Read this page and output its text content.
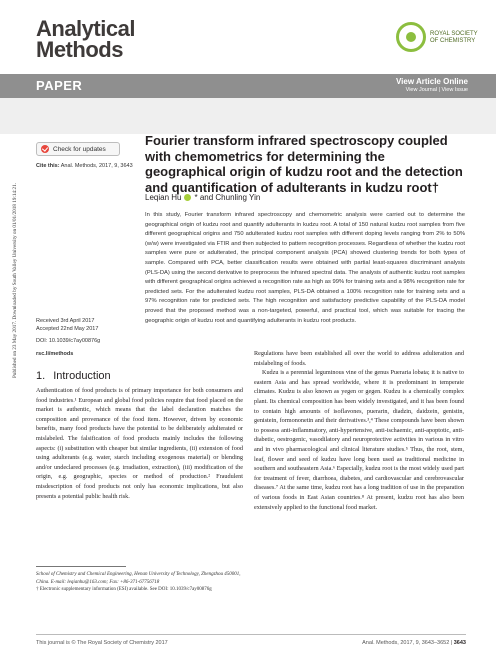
Analytical
Methods
ROYAL SOCIETY OF CHEMISTRY
PAPER	View Article Online
View Journal | View Issue
Check for updates
Cite this: Anal. Methods, 2017, 9, 3643
Fourier transform infrared spectroscopy coupled with chemometrics for determining the geographical origin of kudzu root and the detection and quantification of adulterants in kudzu root†
Leqian Hu * and Chunling Yin
In this study, Fourier transform infrared spectroscopy and chemometric analysis were carried out to determine the geographical origin of kudzu root and quantify adulterants in kudzu root. A total of 150 natural kudzu root samples from five different geographical origins and 750 adulterated kudzu root samples with different doping levels ranging from 2% to 50% (w/w) were investigated via FTIR and then subjected to pattern recognition processes. Regardless of whether the kudzu root samples were pure or adulterated, the principal component analysis (PCA) showed clustering trends for both types of sample. Compared with PCA, better classification results were obtained with partial least-squares discriminant analysis (PLS-DA) using the second derivative to preprocess the infrared spectral data. The analysis of authentic kudzu root samples with different geographical origins achieved a recognition rate as high as 99% for training sets and a 98% recognition rate for predicted sets. For the adulterated kudzu root samples, PLS-DA obtained a 100% recognition rate for training sets and a 97% recognition rate for predicted sets. The high recognition and satisfactory predictive capability of the PLS-DA model proved that the proposed method was a non-targeted, powerful, and practical tool, which was suitable for tracing the geographic origin of kudzu root and quantifying adulterants in kudzu root products.
Received 3rd April 2017
Accepted 22nd May 2017
DOI: 10.1039/c7ay00876g
rsc.li/methods
Published on 23 May 2017. Downloaded by South Valley University on 01/01/2018 19:14:21. 1. Introduction

Authentication of food products is of primary importance for both consumers and food industries.¹ European and global food policies require that food placed on the market is authentic, which means that the label declaration matches the composition and provenance of the food item. However, driven by economic benefits, many food products have the potential to be deliberately adulterated or mislabeled. The falsification of food products mainly includes the following aspects: (i) substitution with cheaper but similar ingredients, (ii) extension of food using adulterants (e.g. water, starch including exogenous material) or blending and/or undeclared processes (e.g. irradiation, extraction), (iii) modification of the origin, e.g. geographic, species or method of production.² Fraudulent misdescription of food products not only has economic implications, but also presents a potential public health risk.

Regulations have been established all over the world to address adulteration and mislabeling of foods.

Kudzu is a perennial leguminous vine of the genus Pueraria lobata; it is native to eastern Asia and has spread worldwide, where it is predominant in temperate climates. Kudzu is also known as yegen or gegen. Kudzu is a chemically complex plant. Its chemical composition has been widely investigated, and it has been found to contain high amounts of isoflavones, puerarin, diadzin, daidzein, genistin, genistein, formononetin and their derivatives.³,⁴ These compounds have been shown to possess anti-inflammatory, anti-hypertensive, anti-ischaemic, anti-apoptotic, anti-diabetic, oestrogenic, vasodilatory and neuroprotective activities in various in vitro and in vivo pharmacological and clinical literature studies.⁵ Thus, the root, stem, leaf, flower and seed of kudzu have long been used as traditional medicine in southern and southeastern Asia.⁶ Especially, kudzu root is the most widely used part for treatment of fever, diarrhoea, diabetes, and cardiovascular and cerebrovascular diseases.⁷ At the same time, kudzu root has a long tradition of use in the preparation of various foods in East Asian countries.⁸ At present, kudzu root has also been extensively applied to the functional food market.

School of Chemistry and Chemical Engineering, Henan University of Technology, Zhengzhou 450001, China. E-mail: leqianhu@163.com; Fax: +86-371-67756718
† Electronic supplementary information (ESI) available. See DOI: 10.1039/c7ay00876g
This journal is © The Royal Society of Chemistry 2017	Anal. Methods, 2017, 9, 3643–3652 | 3643
